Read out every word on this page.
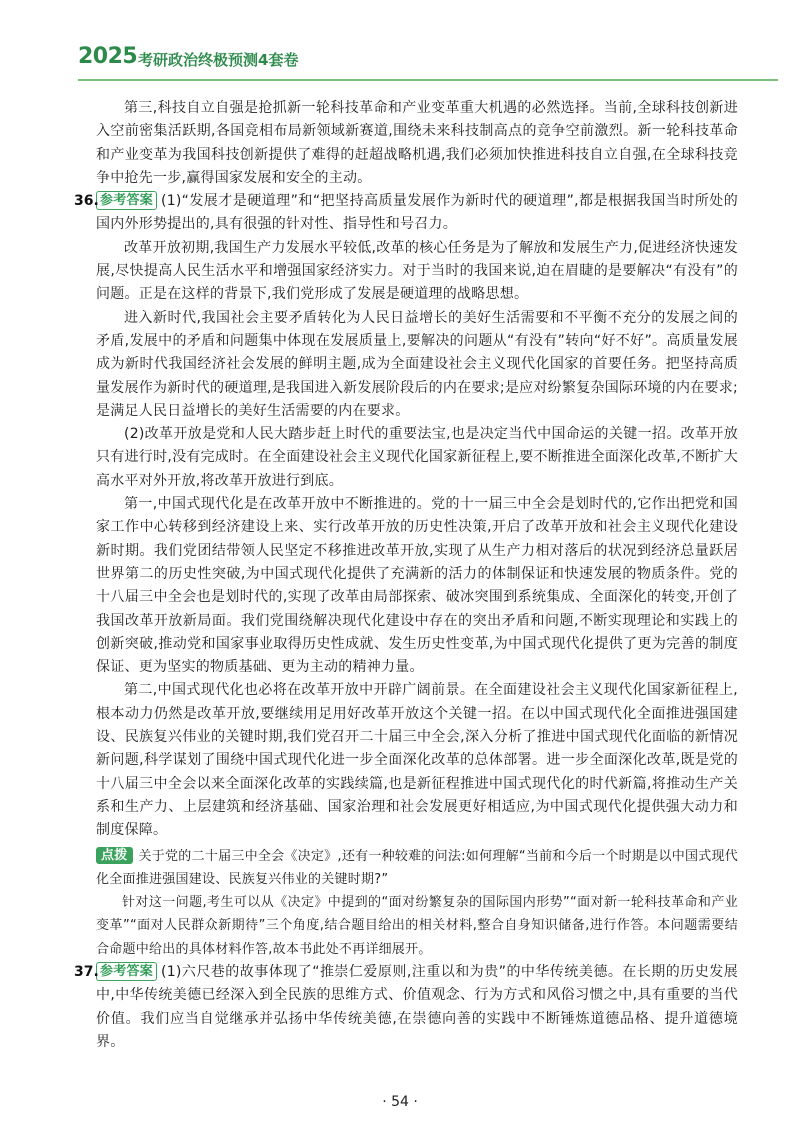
2025 考研政治终极预测4套卷

第三,科技自立自强是抢抓新一轮科技革命和产业变革重大机遇的必然选择。当前,全球科技创新进入空前密集活跃期,各国竞相布局新领域新赛道,围绕未来科技制高点的竞争空前激烈。新一轮科技革命和产业变革为我国科技创新提供了难得的赶超战略机遇,我们必须加快推进科技自立自强,在全球科技竞争中抢先一步,赢得国家发展和安全的主动。

36. 参考答案 (1)“发展才是硬道理”和“把坚持高质量发展作为新时代的硬道理”,都是根据我国当时所处的国内外形势提出的,具有很强的针对性、指导性和号召力。

改革开放初期,我国生产力发展水平较低,改革的核心任务是为了解放和发展生产力,促进经济快速发展,尽快提高人民生活水平和增强国家经济实力。对于当时的我国来说,迫在眉睫的是要解决“有没有”的问题。正是在这样的背景下,我们党形成了发展是硬道理的战略思想。

进入新时代,我国社会主要矛盾转化为人民日益增长的美好生活需要和不平衡不充分的发展之间的矛盾,发展中的矛盾和问题集中体现在发展质量上,要解决的问题从“有没有”转向“好不好”。高质量发展成为新时代我国经济社会发展的鲜明主题,成为全面建设社会主义现代化国家的首要任务。把坚持高质量发展作为新时代的硬道理,是我国进入新发展阶段后的内在要求;是应对纷繁复杂国际环境的内在要求;是满足人民日益增长的美好生活需要的内在要求。

(2)改革开放是党和人民大踏步赶上时代的重要法宝,也是决定当代中国命运的关键一招。改革开放只有进行时,没有完成时。在全面建设社会主义现代化国家新征程上,要不断推进全面深化改革,不断扩大高水平对外开放,将改革开放进行到底。

第一,中国式现代化是在改革开放中不断推进的。党的十一届三中全会是划时代的,它作出把党和国家工作中心转移到经济建设上来、实行改革开放的历史性决策,开启了改革开放和社会主义现代化建设新时期。我们党团结带领人民坚定不移推进改革开放,实现了从生产力相对落后的状况到经济总量跃居世界第二的历史性突破,为中国式现代化提供了充满新的活力的体制保证和快速发展的物质条件。党的十八届三中全会也是划时代的,实现了改革由局部探索、破冰突围到系统集成、全面深化的转变,开创了我国改革开放新局面。我们党围绕解决现代化建设中存在的突出矛盾和问题,不断实现理论和实践上的创新突破,推动党和国家事业取得历史性成就、发生历史性变革,为中国式现代化提供了更为完善的制度保证、更为坚实的物质基础、更为主动的精神力量。

第二,中国式现代化也必将在改革开放中开辟广阔前景。在全面建设社会主义现代化国家新征程上,根本动力仍然是改革开放,要继续用足用好改革开放这个关键一招。在以中国式现代化全面推进强国建设、民族复兴伟业的关键时期,我们党召开二十届三中全会,深入分析了推进中国式现代化面临的新情况新问题,科学谋划了围绕中国式现代化进一步全面深化改革的总体部署。进一步全面深化改革,既是党的十八届三中全会以来全面深化改革的实践续篇,也是新征程推进中国式现代化的时代新篇,将推动生产关系和生产力、上层建筑和经济基础、国家治理和社会发展更好相适应,为中国式现代化提供强大动力和制度保障。

点拨 关于党的二十届三中全会《决定》,还有一种较难的问法:如何理解“当前和今后一个时期是以中国式现代化全面推进强国建设、民族复兴伟业的关键时期?”

针对这一问题,考生可以从《决定》中提到的“面对纷繁复杂的国际国内形势”“面对新一轮科技革命和产业变革”“面对人民群众新期待”三个角度,结合题目给出的相关材料,整合自身知识储备,进行作答。本问题需要结合命题中给出的具体材料作答,故本书此处不再详细展开。

37. 参考答案 (1)六尺巷的故事体现了“推崇仁爱原则,注重以和为贵”的中华传统美德。在长期的历史发展中,中华传统美德已经深入到全民族的思维方式、价值观念、行为方式和风俗习惯之中,具有重要的当代价值。我们应当自觉继承并弘扬中华传统美德,在崇德向善的实践中不断锤炼道德品格、提升道德境界。

· 54 ·
